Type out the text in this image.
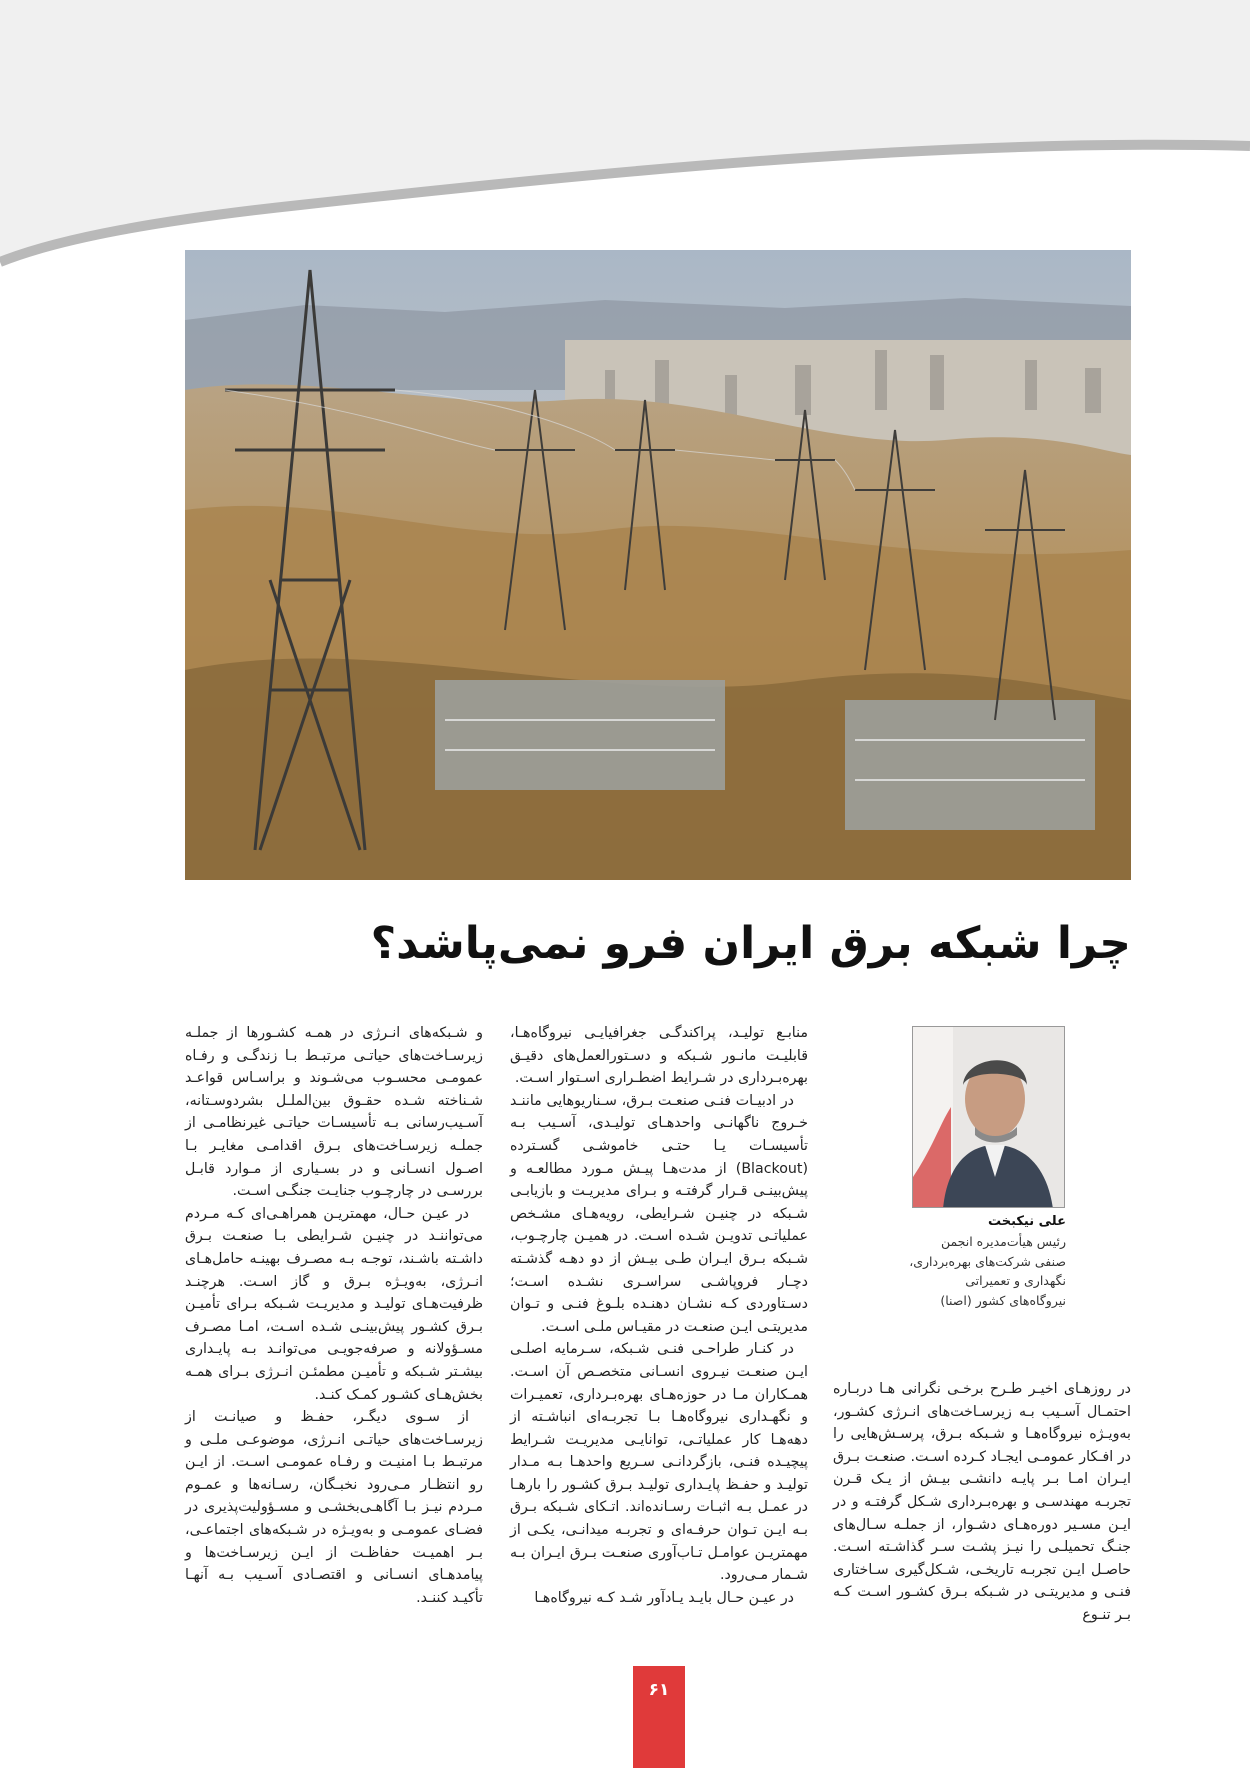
چرا شبکه برق ایران فرو نمی‌پاشد؟
علی نیکبخت
رئیس هیأت‌مدیره انجمن
صنفی شرکت‌های بهره‌برداری،
نگهداری و تعمیراتی
نیروگاه‌های کشور (اصنا)

در روزهـای اخیـر طـرح برخـی نگرانی‌ هـا دربـاره احتمـال آسـیب بـه زیرسـاخت‌های انـرژی کشـور، به‌ویـژه نیروگاه‌هـا و شـبکه بـرق، پرسـش‌هایی را در افـکار عمومـی ایجـاد کـرده اسـت. صنعـت بـرق ایـران امـا بـر پایـه دانشـی بیـش از یـک قـرن تجربـه مهندسـی و بهره‌بـرداری شـکل گرفتـه و در ایـن مسـیر دوره‌هـای دشـوار، از جملـه سـال‌های جنـگ تحمیلـی را نیـز پشـت سـر گذاشـته اسـت. حاصـل ایـن تجربـه تاریخـی، شـکل‌گیری سـاختاری فنـی و مدیریتـی در شـبکه بـرق کشـور اسـت کـه بـر تنـوع

منابـع تولیـد، پراکندگـی جغرافیایـی نیروگاه‌هـا، قابلیـت مانـور شـبکه و دسـتورالعمل‌های دقیـق بهره‌بـرداری در شـرایط اضطـراری اسـتوار اسـت.

در ادبیـات فنـی صنعـت بـرق، سـناریوهایی ماننـد خـروج ناگهانـی واحدهـای تولیـدی، آسـیب بـه تأسیسـات یـا حتـی خاموشـی گسـترده (Blackout) از مدت‌هـا پیـش مـورد مطالعـه و پیش‌بینـی قـرار گرفتـه و بـرای مدیریـت و بازیابـی شـبکه در چنیـن شـرایطی، رویه‌هـای مشـخص عملیاتـی تدویـن شـده اسـت. در همیـن چارچـوب، شـبکه بـرق ایـران طـی بیـش از دو دهـه گذشـته دچـار فروپاشـی سراسـری نشـده اسـت؛ دسـتاوردی کـه نشـان دهنـده بلـوغ فنـی و تـوان مدیریتـی ایـن صنعـت در مقیـاس ملـی اسـت.

در کنـار طراحـی فنـی شـبکه، سـرمایه اصلـی ایـن صنعـت نیـروی انسـانی متخصـص آن اسـت. همـکاران مـا در حوزه‌هـای بهره‌بـرداری، تعمیـرات و نگهـداری نیروگاه‌هـا بـا تجربـه‌ای انباشـته از دهه‌هـا کار عملیاتـی، توانایـی مدیریـت شـرایط پیچیـده فنـی، بازگردانـی سـریع واحدهـا بـه مـدار تولیـد و حفـظ پایـداری تولیـد بـرق کشـور را بارهـا در عمـل بـه اثبـات رسـانده‌اند. اتـکای شـبکه بـرق بـه ایـن تـوان حرفـه‌ای و تجربـه میدانـی، یکـی از مهمتریـن عوامـل تـاب‌آوری صنعـت بـرق ایـران بـه شـمار مـی‌رود.

در عیـن حـال بایـد یـادآور شـد کـه نیروگاه‌هـا

و شـبکه‌های انـرژی در همـه کشـورها از جملـه زیرسـاخت‌های حیاتـی مرتبـط بـا زندگـی و رفـاه عمومـی محسـوب می‌شـوند و براسـاس قواعـد شـناخته شـده حقـوق بین‌الملـل بشردوسـتانه، آسـیب‌رسانی بـه تأسیسـات حیاتـی غیرنظامـی از جملـه زیرسـاخت‌های بـرق اقدامـی مغایـر بـا اصـول انسـانی و در بسـیاری از مـوارد قابـل بررسـی در چارچـوب جنایـت جنگـی اسـت.

در عیـن حـال، مهمتریـن همراهـی‌ای کـه مـردم می‌تواننـد در چنیـن شـرایطی بـا صنعـت بـرق داشـته باشـند، توجـه بـه مصـرف بهینـه حامل‌هـای انـرژی، به‌ویـژه بـرق و گاز اسـت. هرچنـد ظرفیت‌هـای تولیـد و مدیریـت شـبکه بـرای تأمیـن بـرق کشـور پیش‌بینـی شـده اسـت، امـا مصـرف مسـؤولانه و صرفه‌جویـی می‌توانـد بـه پایـداری بیشـتر شـبکه و تأمیـن مطمئـن انـرژی بـرای همـه بخش‌هـای کشـور کمـک کنـد.

از سـوی دیگـر، حفـظ و صیانـت از زیرسـاخت‌های حیاتـی انـرژی، موضوعـی ملـی و مرتبـط بـا امنیـت و رفـاه عمومـی اسـت. از ایـن رو انتظـار مـی‌رود نخبـگان، رسـانه‌ها و عمـوم مـردم نیـز بـا آگاهـی‌بخشـی و مسـؤولیت‌پذیری در فضـای عمومـی و به‌ویـژه در شـبکه‌های اجتماعـی، بـر اهمیـت حفاظـت از ایـن زیرسـاخت‌ها و پیامدهـای انسـانی و اقتصـادی آسـیب بـه آنهـا تأکیـد کننـد.

۶۱
